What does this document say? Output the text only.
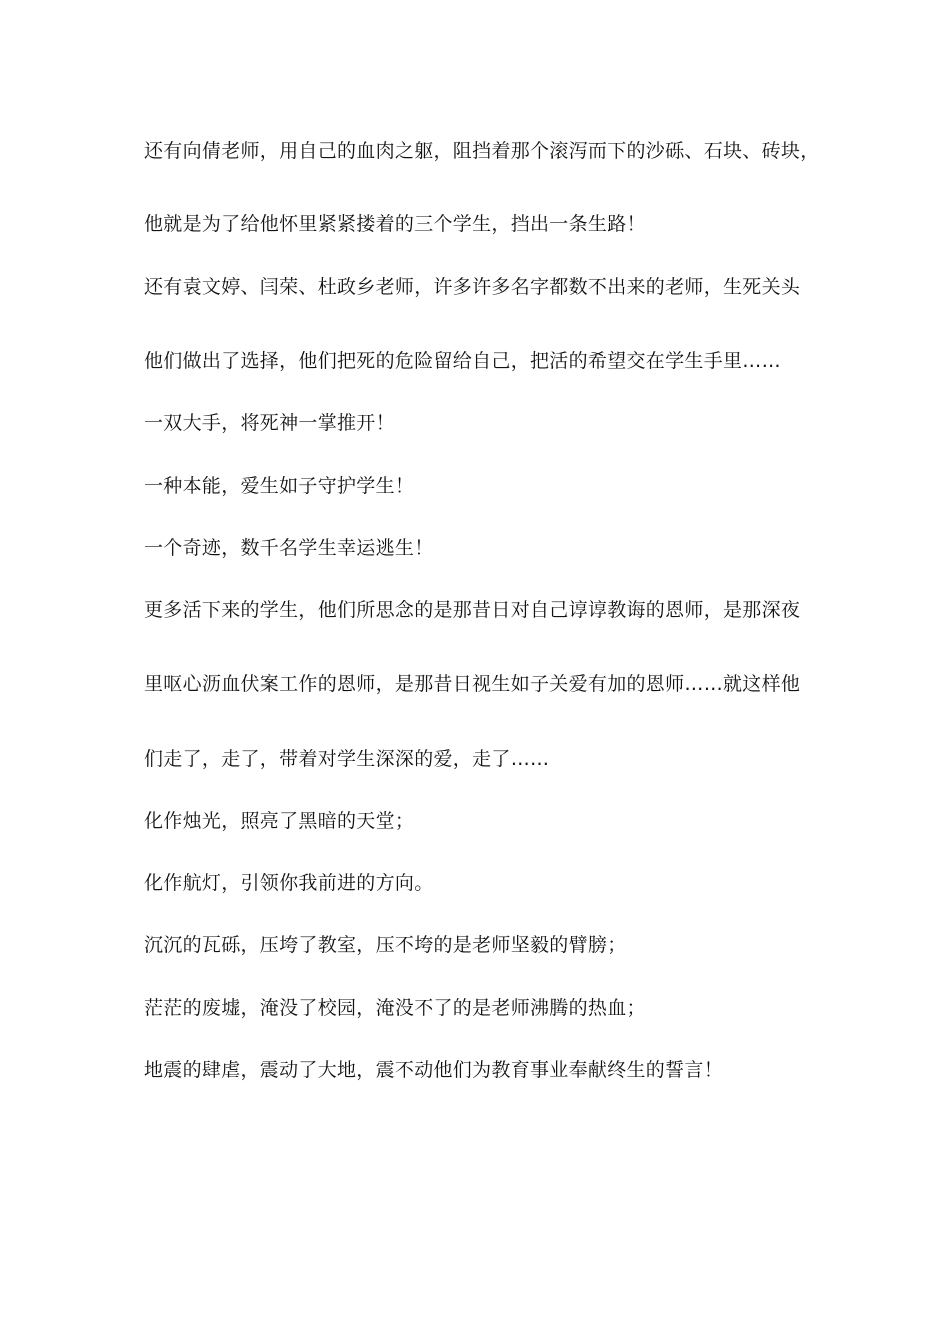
还有向倩老师，用自己的血肉之躯，阻挡着那个滚泻而下的沙砾、石块、砖块，

他就是为了给他怀里紧紧搂着的三个学生，挡出一条生路！

还有袁文婷、闫荣、杜政乡老师，许多许多名字都数不出来的老师，生死关头

他们做出了选择，他们把死的危险留给自己，把活的希望交在学生手里……

一双大手，将死神一掌推开！

一种本能，爱生如子守护学生！

一个奇迹，数千名学生幸运逃生！

更多活下来的学生，他们所思念的是那昔日对自己谆谆教诲的恩师，是那深夜

里呕心沥血伏案工作的恩师，是那昔日视生如子关爱有加的恩师……就这样他

们走了，走了，带着对学生深深的爱，走了……

化作烛光，照亮了黑暗的天堂；

化作航灯，引领你我前进的方向。

沉沉的瓦砾，压垮了教室，压不垮的是老师坚毅的臂膀；

茫茫的废墟，淹没了校园，淹没不了的是老师沸腾的热血；

地震的肆虐，震动了大地，震不动他们为教育事业奉献终生的誓言！
